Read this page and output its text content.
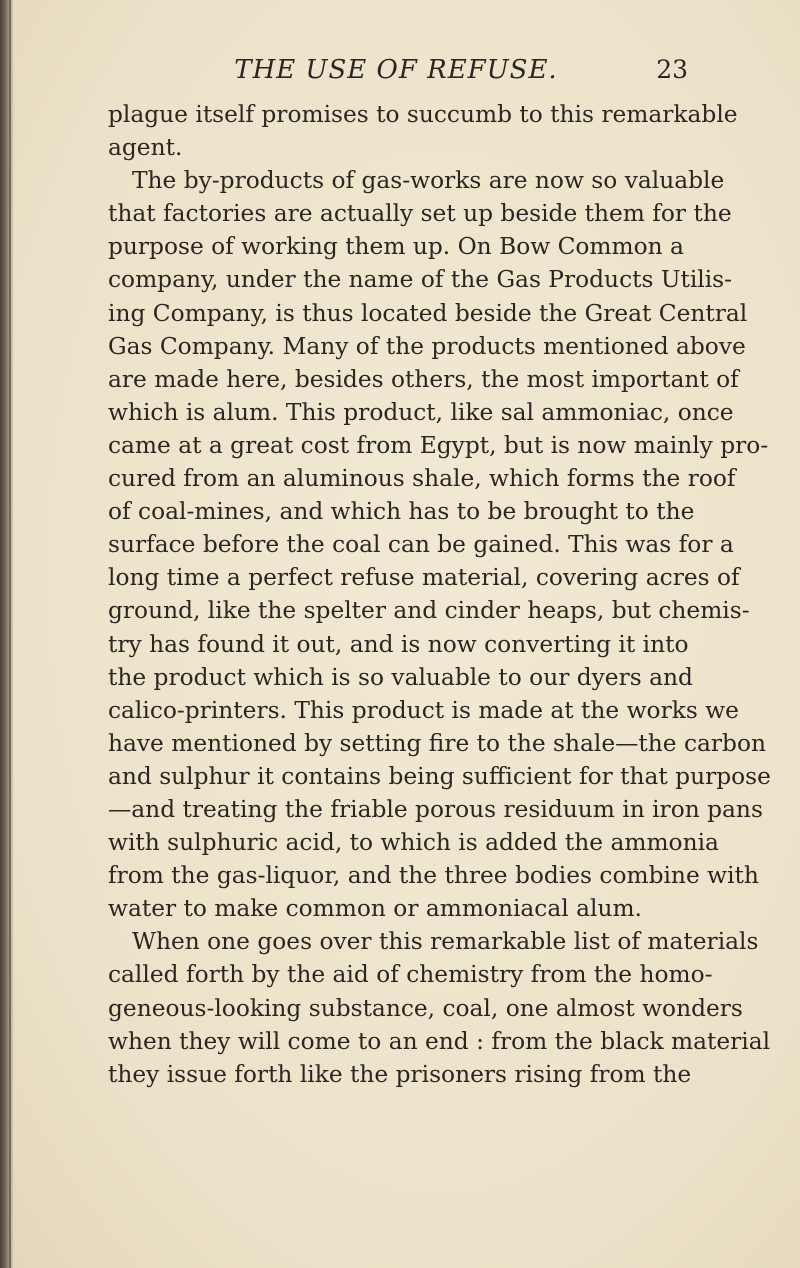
THE USE OF REFUSE.	23
plague itself promises to succumb to this remarkable
agent.
The by-products of gas-works are now so valuable
that factories are actually set up beside them for the
purpose of working them up. On Bow Common a
company, under the name of the Gas Products Utilis-
ing Company, is thus located beside the Great Central
Gas Company. Many of the products mentioned above
are made here, besides others, the most important of
which is alum. This product, like sal ammoniac, once
came at a great cost from Egypt, but is now mainly pro-
cured from an aluminous shale, which forms the roof
of coal-mines, and which has to be brought to the
surface before the coal can be gained. This was for a
long time a perfect refuse material, covering acres of
ground, like the spelter and cinder heaps, but chemis-
try has found it out, and is now converting it into
the product which is so valuable to our dyers and
calico-printers. This product is made at the works we
have mentioned by setting fire to the shale—the carbon
and sulphur it contains being sufficient for that purpose
—and treating the friable porous residuum in iron pans
with sulphuric acid, to which is added the ammonia
from the gas-liquor, and the three bodies combine with
water to make common or ammoniacal alum.
When one goes over this remarkable list of materials
called forth by the aid of chemistry from the homo-
geneous-looking substance, coal, one almost wonders
when they will come to an end : from the black material
they issue forth like the prisoners rising from the
